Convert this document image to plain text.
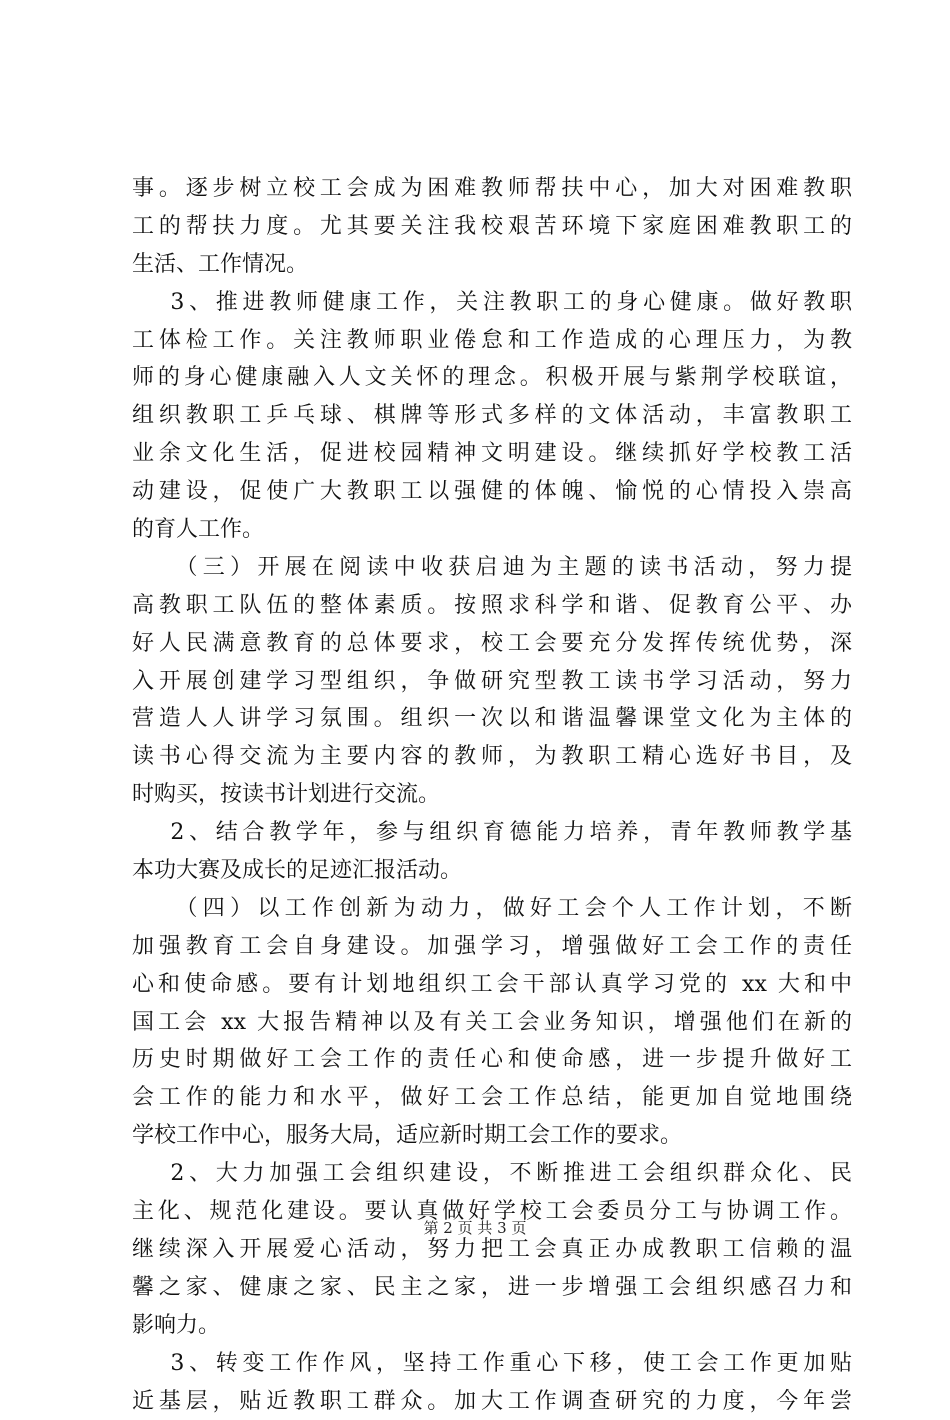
事。逐步树立校工会成为困难教师帮扶中心，加大对困难教职
工的帮扶力度。尤其要关注我校艰苦环境下家庭困难教职工的
生活、工作情况。
　 3、推进教师健康工作，关注教职工的身心健康。做好教职
工体检工作。关注教师职业倦怠和工作造成的心理压力，为教
师的身心健康融入人文关怀的理念。积极开展与紫荆学校联谊，
组织教职工乒乓球、棋牌等形式多样的文体活动，丰富教职工
业余文化生活，促进校园精神文明建设。继续抓好学校教工活
动建设，促使广大教职工以强健的体魄、愉悦的心情投入崇高
的育人工作。
　　（三）开展在阅读中收获启迪为主题的读书活动，努力提
高教职工队伍的整体素质。按照求科学和谐、促教育公平、办
好人民满意教育的总体要求，校工会要充分发挥传统优势，深
入开展创建学习型组织，争做研究型教工读书学习活动，努力
营造人人讲学习氛围。组织一次以和谐温馨课堂文化为主体的
读书心得交流为主要内容的教师，为教职工精心选好书目，及
时购买，按读书计划进行交流。
　 2、结合教学年，参与组织育德能力培养，青年教师教学基
本功大赛及成长的足迹汇报活动。
　　（四）以工作创新为动力，做好工会个人工作计划，不断
加强教育工会自身建设。加强学习，增强做好工会工作的责任
心和使命感。要有计划地组织工会干部认真学习党的 xx 大和中
国工会 xx 大报告精神以及有关工会业务知识，增强他们在新的
历史时期做好工会工作的责任心和使命感，进一步提升做好工
会工作的能力和水平，做好工会工作总结，能更加自觉地围绕
学校工作中心，服务大局，适应新时期工会工作的要求。
　 2、大力加强工会组织建设，不断推进工会组织群众化、民
主化、规范化建设。要认真做好学校工会委员分工与协调工作。
继续深入开展爱心活动，努力把工会真正办成教职工信赖的温
馨之家、健康之家、民主之家，进一步增强工会组织感召力和
影响力。
　 3、转变工作作风，坚持工作重心下移，使工会工作更加贴
近基层，贴近教职工群众。加大工作调查研究的力度，今年尝
第 2 页 共 3 页
